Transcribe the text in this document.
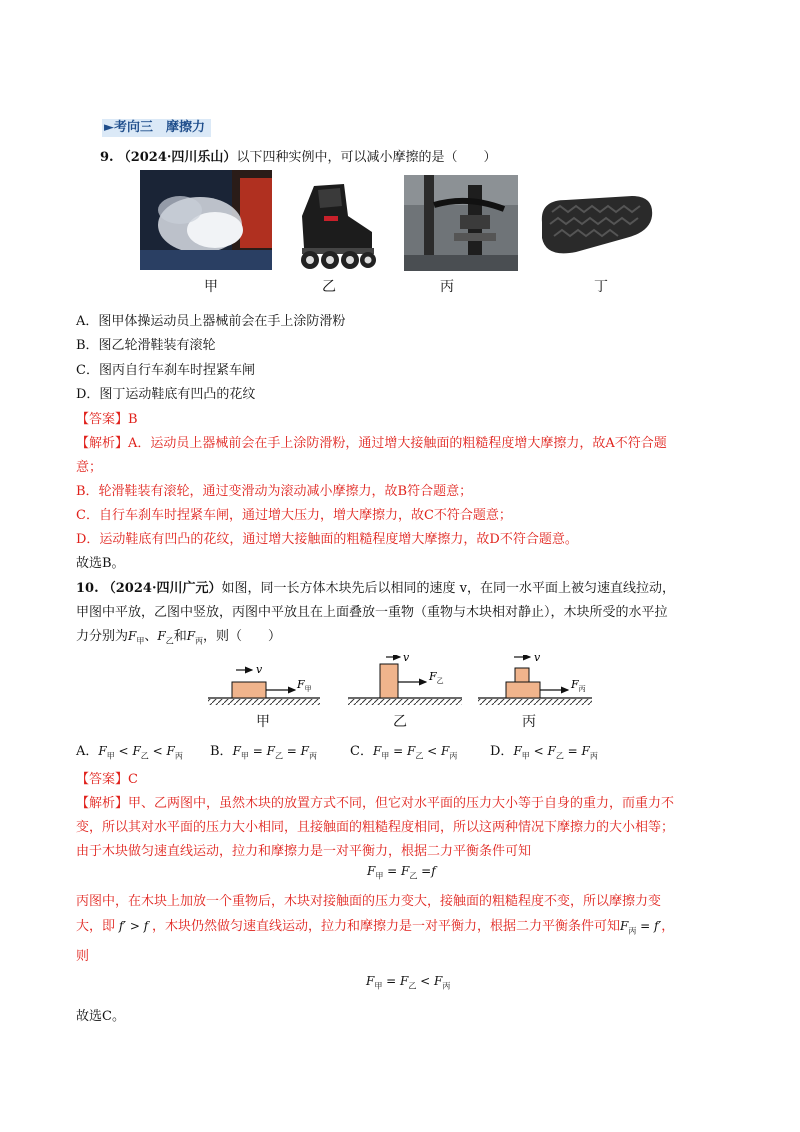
►考向三　摩擦力
9. （2024·四川乐山）以下四种实例中，可以减小摩擦的是（　　）
甲	乙	丙	丁
A．图甲体操运动员上器械前会在手上涂防滑粉
B．图乙轮滑鞋装有滚轮
C．图丙自行车刹车时捏紧车闸
D．图丁运动鞋底有凹凸的花纹
【答案】B
【解析】A．运动员上器械前会在手上涂防滑粉，通过增大接触面的粗糙程度增大摩擦力，故A不符合题
意；
B．轮滑鞋装有滚轮，通过变滑动为滚动减小摩擦力，故B符合题意；
C．自行车刹车时捏紧车闸，通过增大压力，增大摩擦力，故C不符合题意；
D．运动鞋底有凹凸的花纹，通过增大接触面的粗糙程度增大摩擦力，故D不符合题意。
故选B。
10. （2024·四川广元）如图，同一长方体木块先后以相同的速度 v，在同一水平面上被匀速直线拉动，
甲图中平放，乙图中竖放，丙图中平放且在上面叠放一重物（重物与木块相对静止），木块所受的水平拉
力分别为$F_甲$、$F_乙$和$F_丙$，则（　　）
v
$F_甲$
v
$F_乙$
v
$F_丙$
甲	乙	丙
A．$F_甲 < F_乙 < F_丙$ B．$F_甲 = F_乙 = F_丙$	C．$F_甲 = F_乙 < F_丙$	D．$F_甲 < F_乙 = F_丙$
【答案】C
【解析】甲、乙两图中，虽然木块的放置方式不同，但它对水平面的压力大小等于自身的重力，而重力不
变，所以其对水平面的压力大小相同，且接触面的粗糙程度相同，所以这两种情况下摩擦力的大小相等；
由于木块做匀速直线运动，拉力和摩擦力是一对平衡力，根据二力平衡条件可知
$F_甲 = F_乙 =f$
丙图中，在木块上加放一个重物后，木块对接触面的压力变大，接触面的粗糙程度不变，所以摩擦力变
大，即 f′ > f ，木块仍然做匀速直线运动，拉力和摩擦力是一对平衡力，根据二力平衡条件可知$F_丙 = f'$，
则
$F_甲 = F_乙 < F_丙$
故选C。
